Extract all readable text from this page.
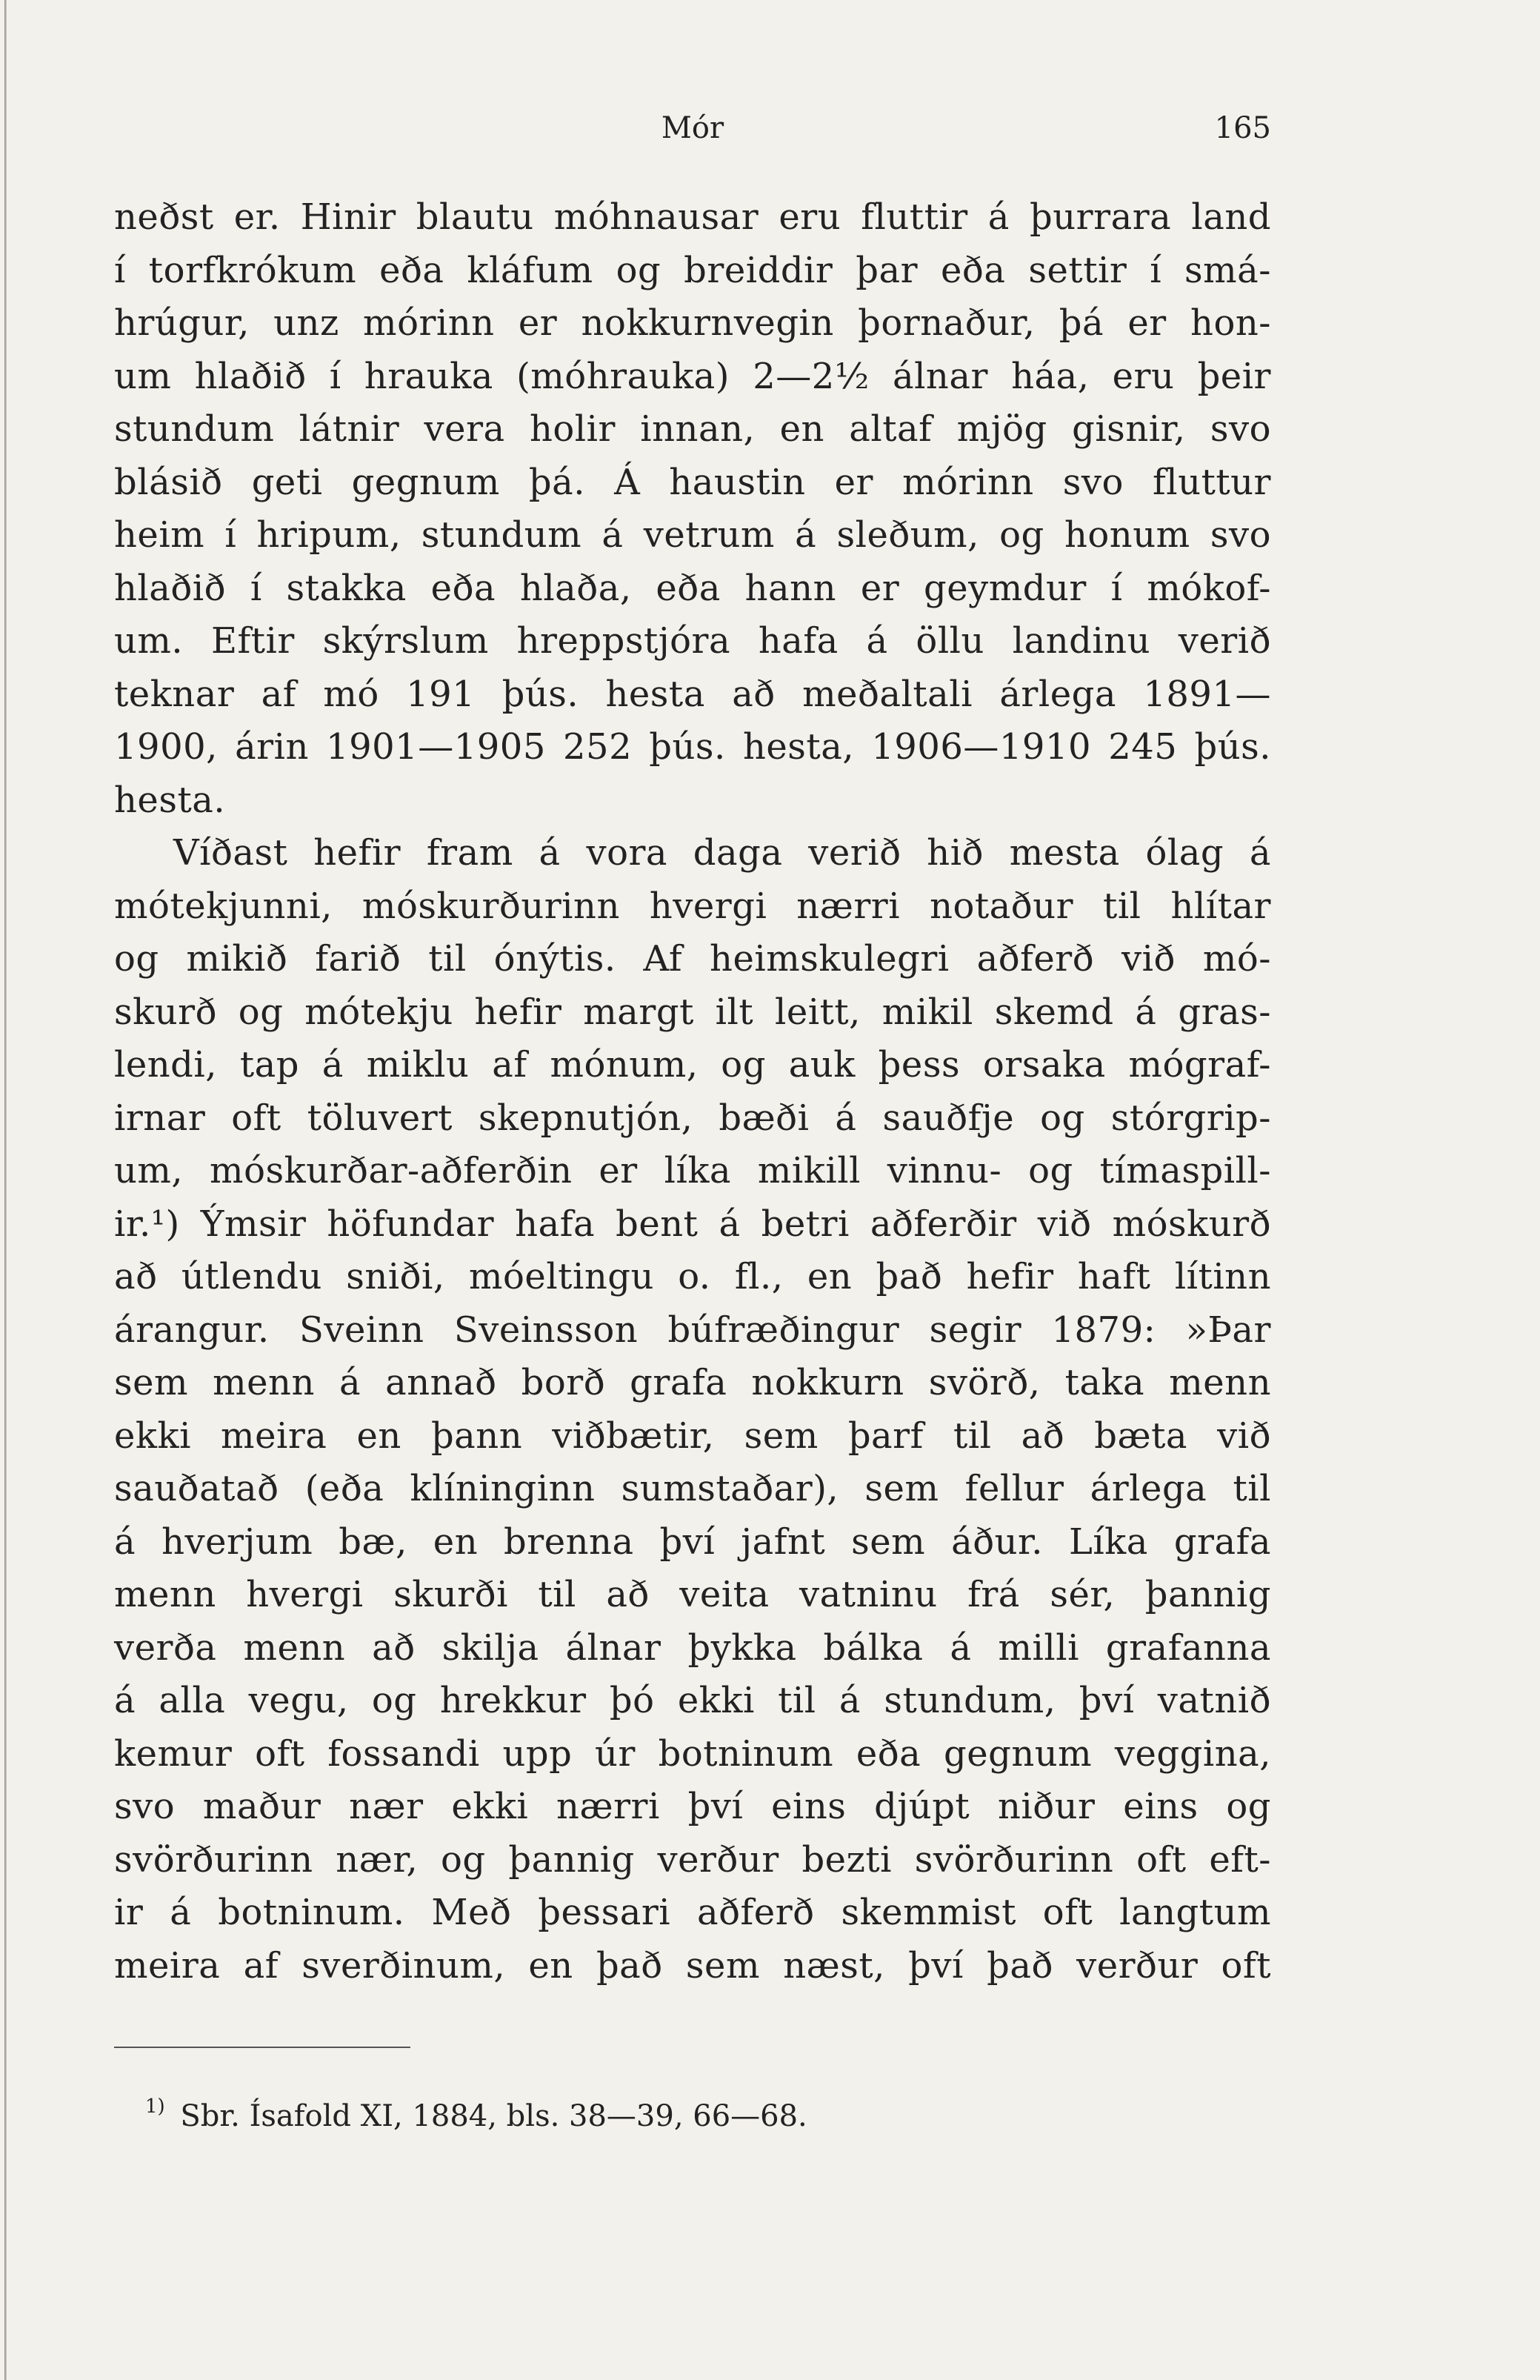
Mór	165
neðst er. Hinir blautu móhnausar eru fluttir á þurrara land
í torfkrókum eða kláfum og breiddir þar eða settir í smá-
hrúgur, unz mórinn er nokkurnvegin þornaður, þá er hon-
um hlaðið í hrauka (móhrauka) 2—2½ álnar háa, eru þeir
stundum látnir vera holir innan, en altaf mjög gisnir, svo
blásið geti gegnum þá. Á haustin er mórinn svo fluttur
heim í hripum, stundum á vetrum á sleðum, og honum svo
hlaðið í stakka eða hlaða, eða hann er geymdur í mókof-
um. Eftir skýrslum hreppstjóra hafa á öllu landinu verið
teknar af mó 191 þús. hesta að meðaltali árlega 1891—
1900, árin 1901—1905 252 þús. hesta, 1906—1910 245 þús.
hesta.
Víðast hefir fram á vora daga verið hið mesta ólag á
mótekjunni, móskurðurinn hvergi nærri notaður til hlítar
og mikið farið til ónýtis. Af heimskulegri aðferð við mó-
skurð og mótekju hefir margt ilt leitt, mikil skemd á gras-
lendi, tap á miklu af mónum, og auk þess orsaka mógraf-
irnar oft töluvert skepnutjón, bæði á sauðfje og stórgrip-
um, móskurðar-aðferðin er líka mikill vinnu- og tímaspill-
ir.¹) Ýmsir höfundar hafa bent á betri aðferðir við móskurð
að útlendu sniði, móeltingu o. fl., en það hefir haft lítinn
árangur. Sveinn Sveinsson búfræðingur segir 1879: »Þar
sem menn á annað borð grafa nokkurn svörð, taka menn
ekki meira en þann viðbætir, sem þarf til að bæta við
sauðatað (eða klíninginn sumstaðar), sem fellur árlega til
á hverjum bæ, en brenna því jafnt sem áður. Líka grafa
menn hvergi skurði til að veita vatninu frá sér, þannig
verða menn að skilja álnar þykka bálka á milli grafanna
á alla vegu, og hrekkur þó ekki til á stundum, því vatnið
kemur oft fossandi upp úr botninum eða gegnum veggina,
svo maður nær ekki nærri því eins djúpt niður eins og
svörðurinn nær, og þannig verður bezti svörðurinn oft eft-
ir á botninum. Með þessari aðferð skemmist oft langtum
meira af sverðinum, en það sem næst, því það verður oft
$^{1)}$ Sbr. Ísafold XI, 1884, bls. 38—39, 66—68.
